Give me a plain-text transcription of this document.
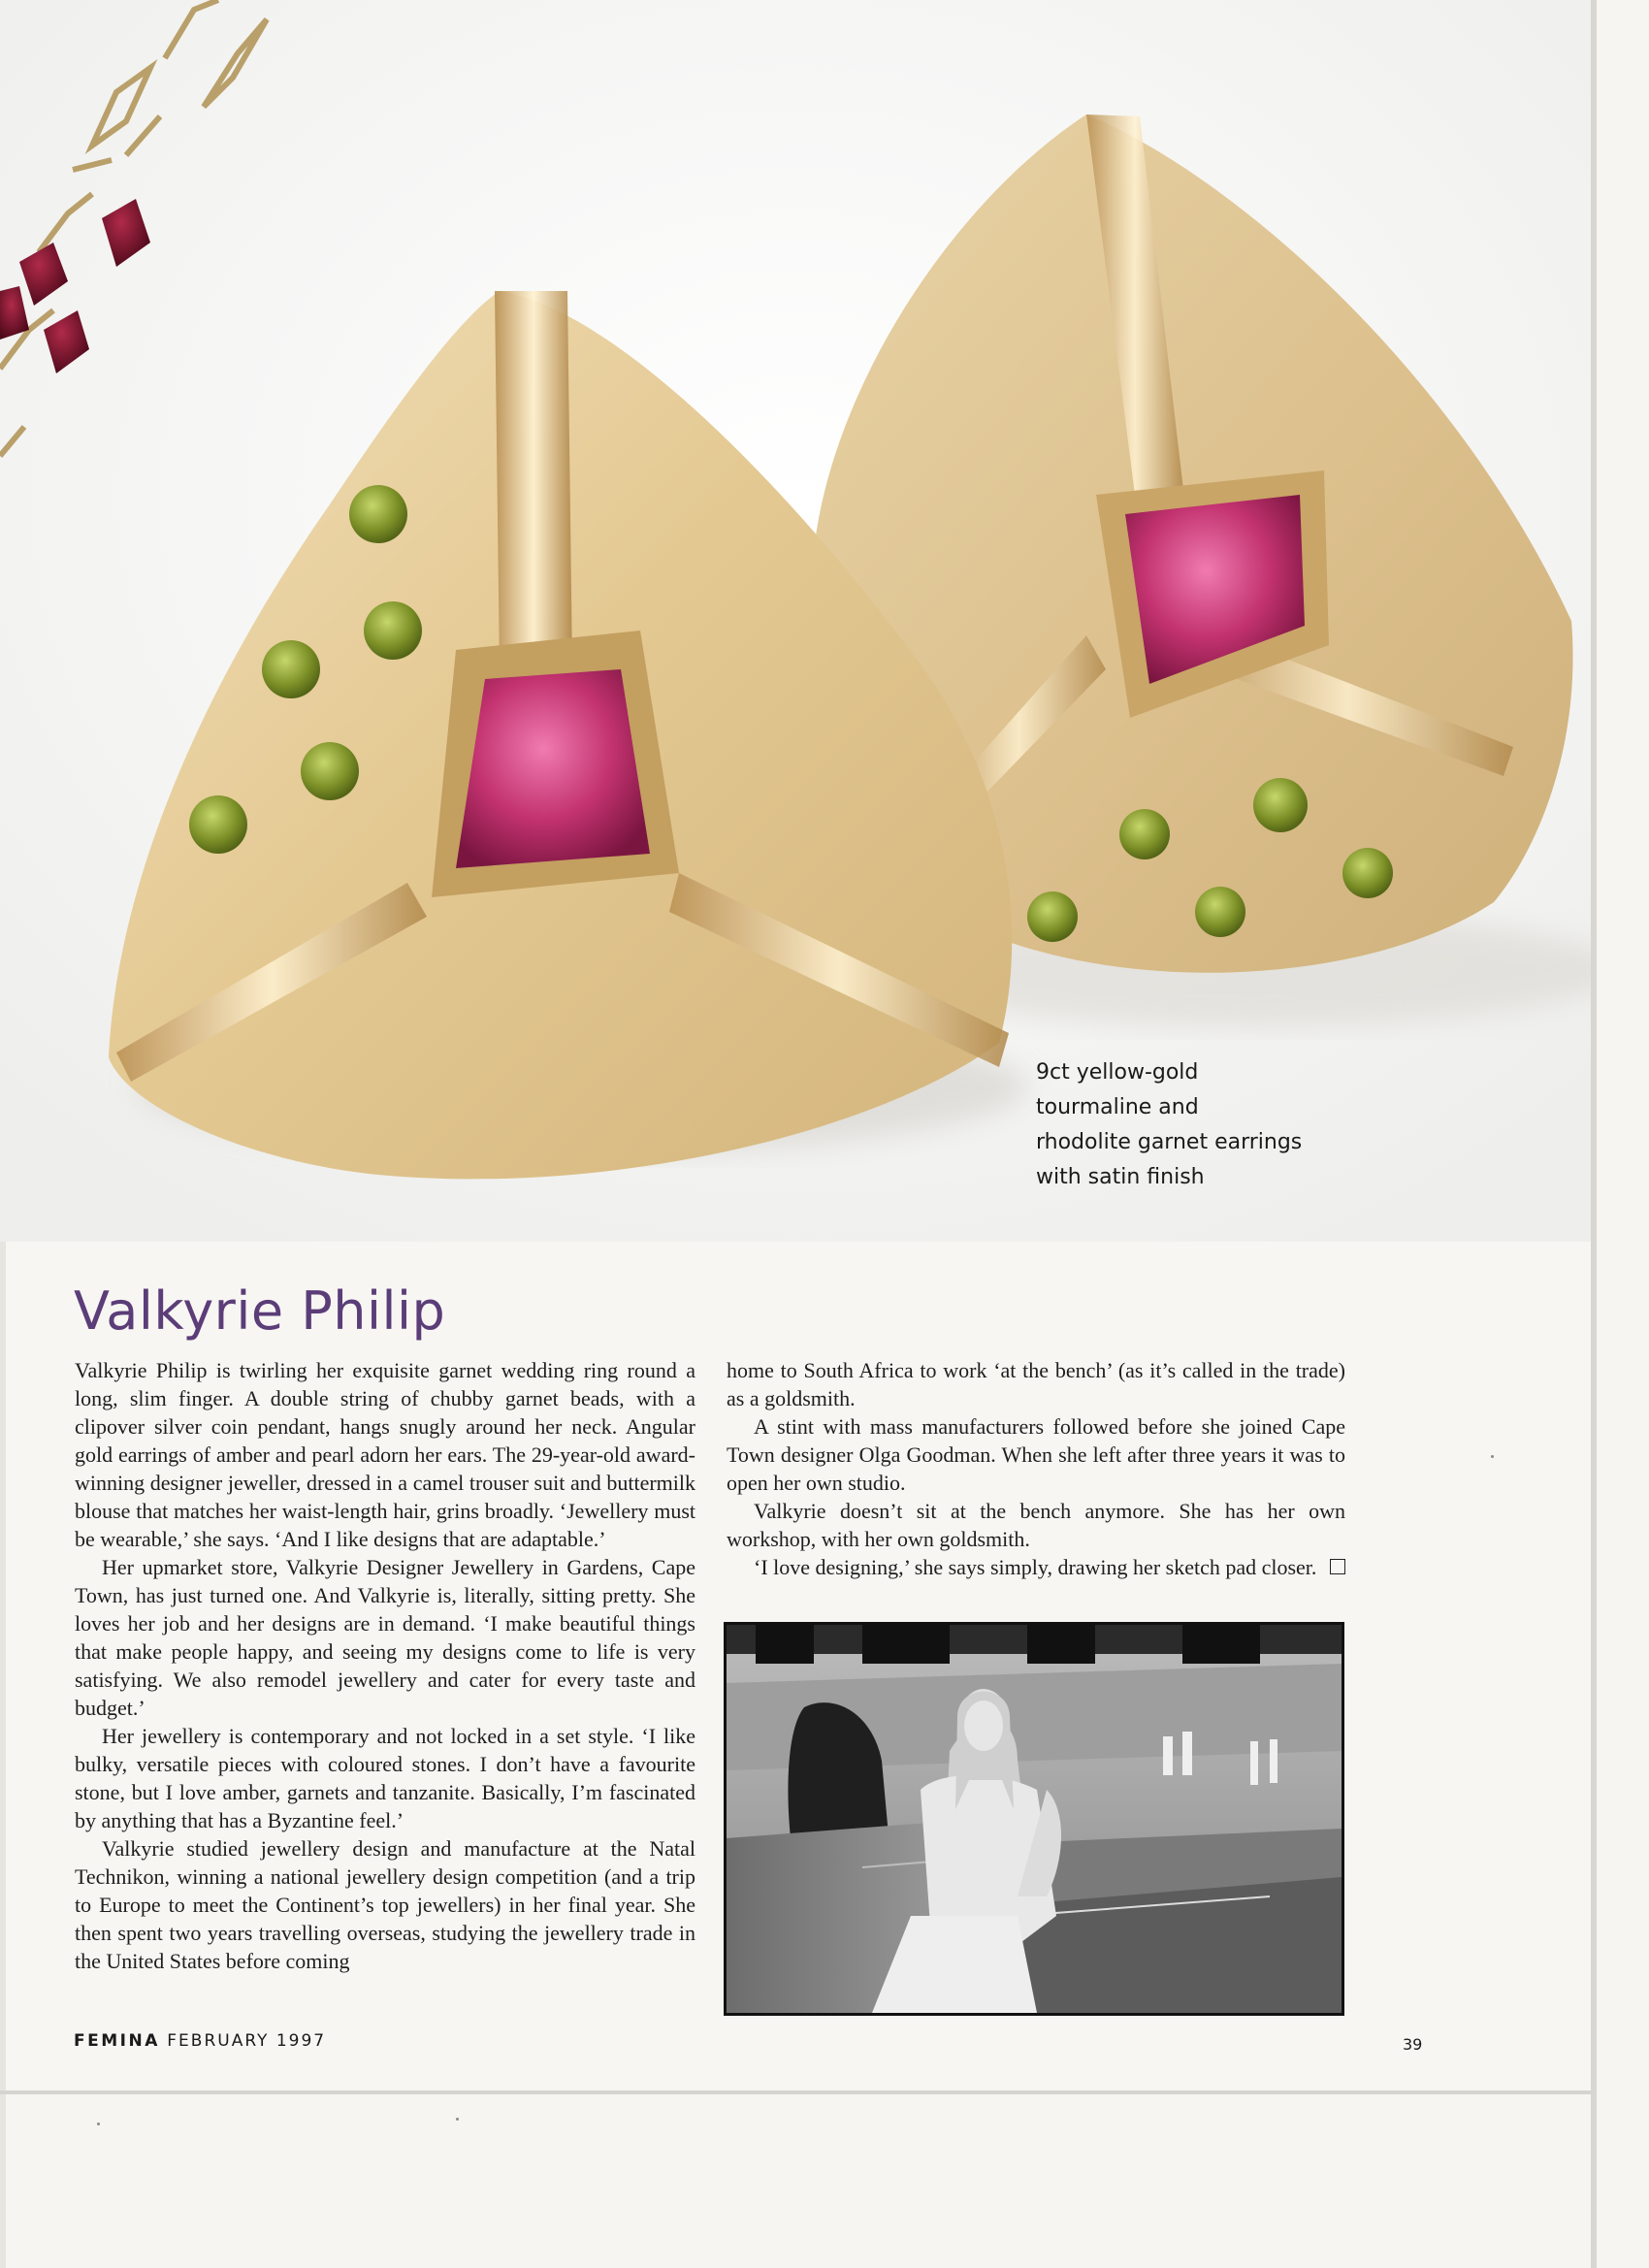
9ct yellow-gold
tourmaline and
rhodolite garnet earrings
with satin finish
Valkyrie Philip

Valkyrie Philip is twirling her exquisite garnet wedding ring round a long, slim finger. A double string of chubby garnet beads, with a clipover silver coin pendant, hangs snugly around her neck. Angular gold earrings of amber and pearl adorn her ears. The 29-year-old award-winning designer jeweller, dressed in a camel trouser suit and buttermilk blouse that matches her waist-length hair, grins broadly. ‘Jewellery must be wearable,’ she says. ‘And I like designs that are adaptable.’

Her upmarket store, Valkyrie Designer Jewellery in Gardens, Cape Town, has just turned one. And Valkyrie is, literally, sitting pretty. She loves her job and her designs are in demand. ‘I make beautiful things that make people happy, and seeing my designs come to life is very satisfying. We also remodel jewellery and cater for every taste and budget.’

Her jewellery is contemporary and not locked in a set style. ‘I like bulky, versatile pieces with coloured stones. I don’t have a favourite stone, but I love amber, garnets and tanzanite. Basically, I’m fascinated by anything that has a Byzantine feel.’

Valkyrie studied jewellery design and manufacture at the Natal Technikon, winning a national jewellery design competition (and a trip to Europe to meet the Continent’s top jewellers) in her final year. She then spent two years travelling overseas, studying the jewellery trade in the United States before coming

home to South Africa to work ‘at the bench’ (as it’s called in the trade) as a goldsmith.

A stint with mass manufacturers followed before she joined Cape Town designer Olga Goodman. When she left after three years it was to open her own studio.

Valkyrie doesn’t sit at the bench anymore. She has her own workshop, with her own goldsmith.

‘I love designing,’ she says simply, drawing her sketch pad closer.

FEMINA FEBRUARY 1997	39
